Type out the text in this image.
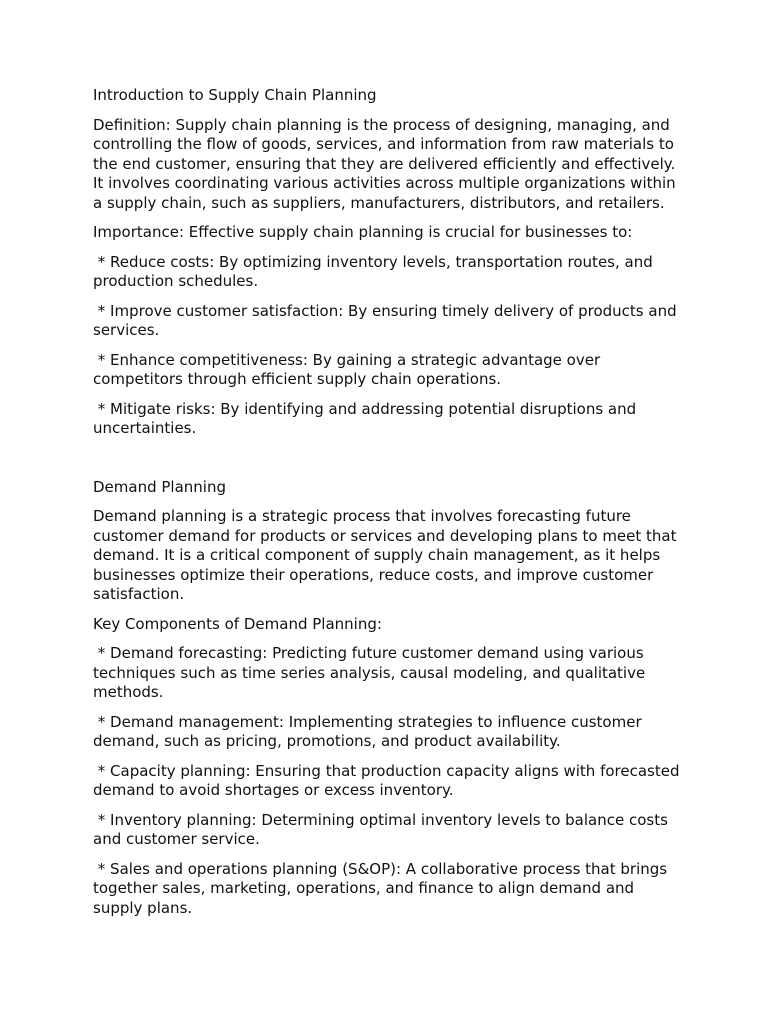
Introduction to Supply Chain Planning

Definition: Supply chain planning is the process of designing, managing, and controlling the flow of goods, services, and information from raw materials to the end customer, ensuring that they are delivered efficiently and effectively. It involves coordinating various activities across multiple organizations within a supply chain, such as suppliers, manufacturers, distributors, and retailers.

Importance: Effective supply chain planning is crucial for businesses to:

* Reduce costs: By optimizing inventory levels, transportation routes, and production schedules.

* Improve customer satisfaction: By ensuring timely delivery of products and services.

* Enhance competitiveness: By gaining a strategic advantage over competitors through efficient supply chain operations.

* Mitigate risks: By identifying and addressing potential disruptions and uncertainties.

Demand Planning

Demand planning is a strategic process that involves forecasting future customer demand for products or services and developing plans to meet that demand. It is a critical component of supply chain management, as it helps businesses optimize their operations, reduce costs, and improve customer satisfaction.

Key Components of Demand Planning:

* Demand forecasting: Predicting future customer demand using various techniques such as time series analysis, causal modeling, and qualitative methods.

* Demand management: Implementing strategies to influence customer demand, such as pricing, promotions, and product availability.

* Capacity planning: Ensuring that production capacity aligns with forecasted demand to avoid shortages or excess inventory.

* Inventory planning: Determining optimal inventory levels to balance costs and customer service.

* Sales and operations planning (S&OP): A collaborative process that brings together sales, marketing, operations, and finance to align demand and supply plans.
